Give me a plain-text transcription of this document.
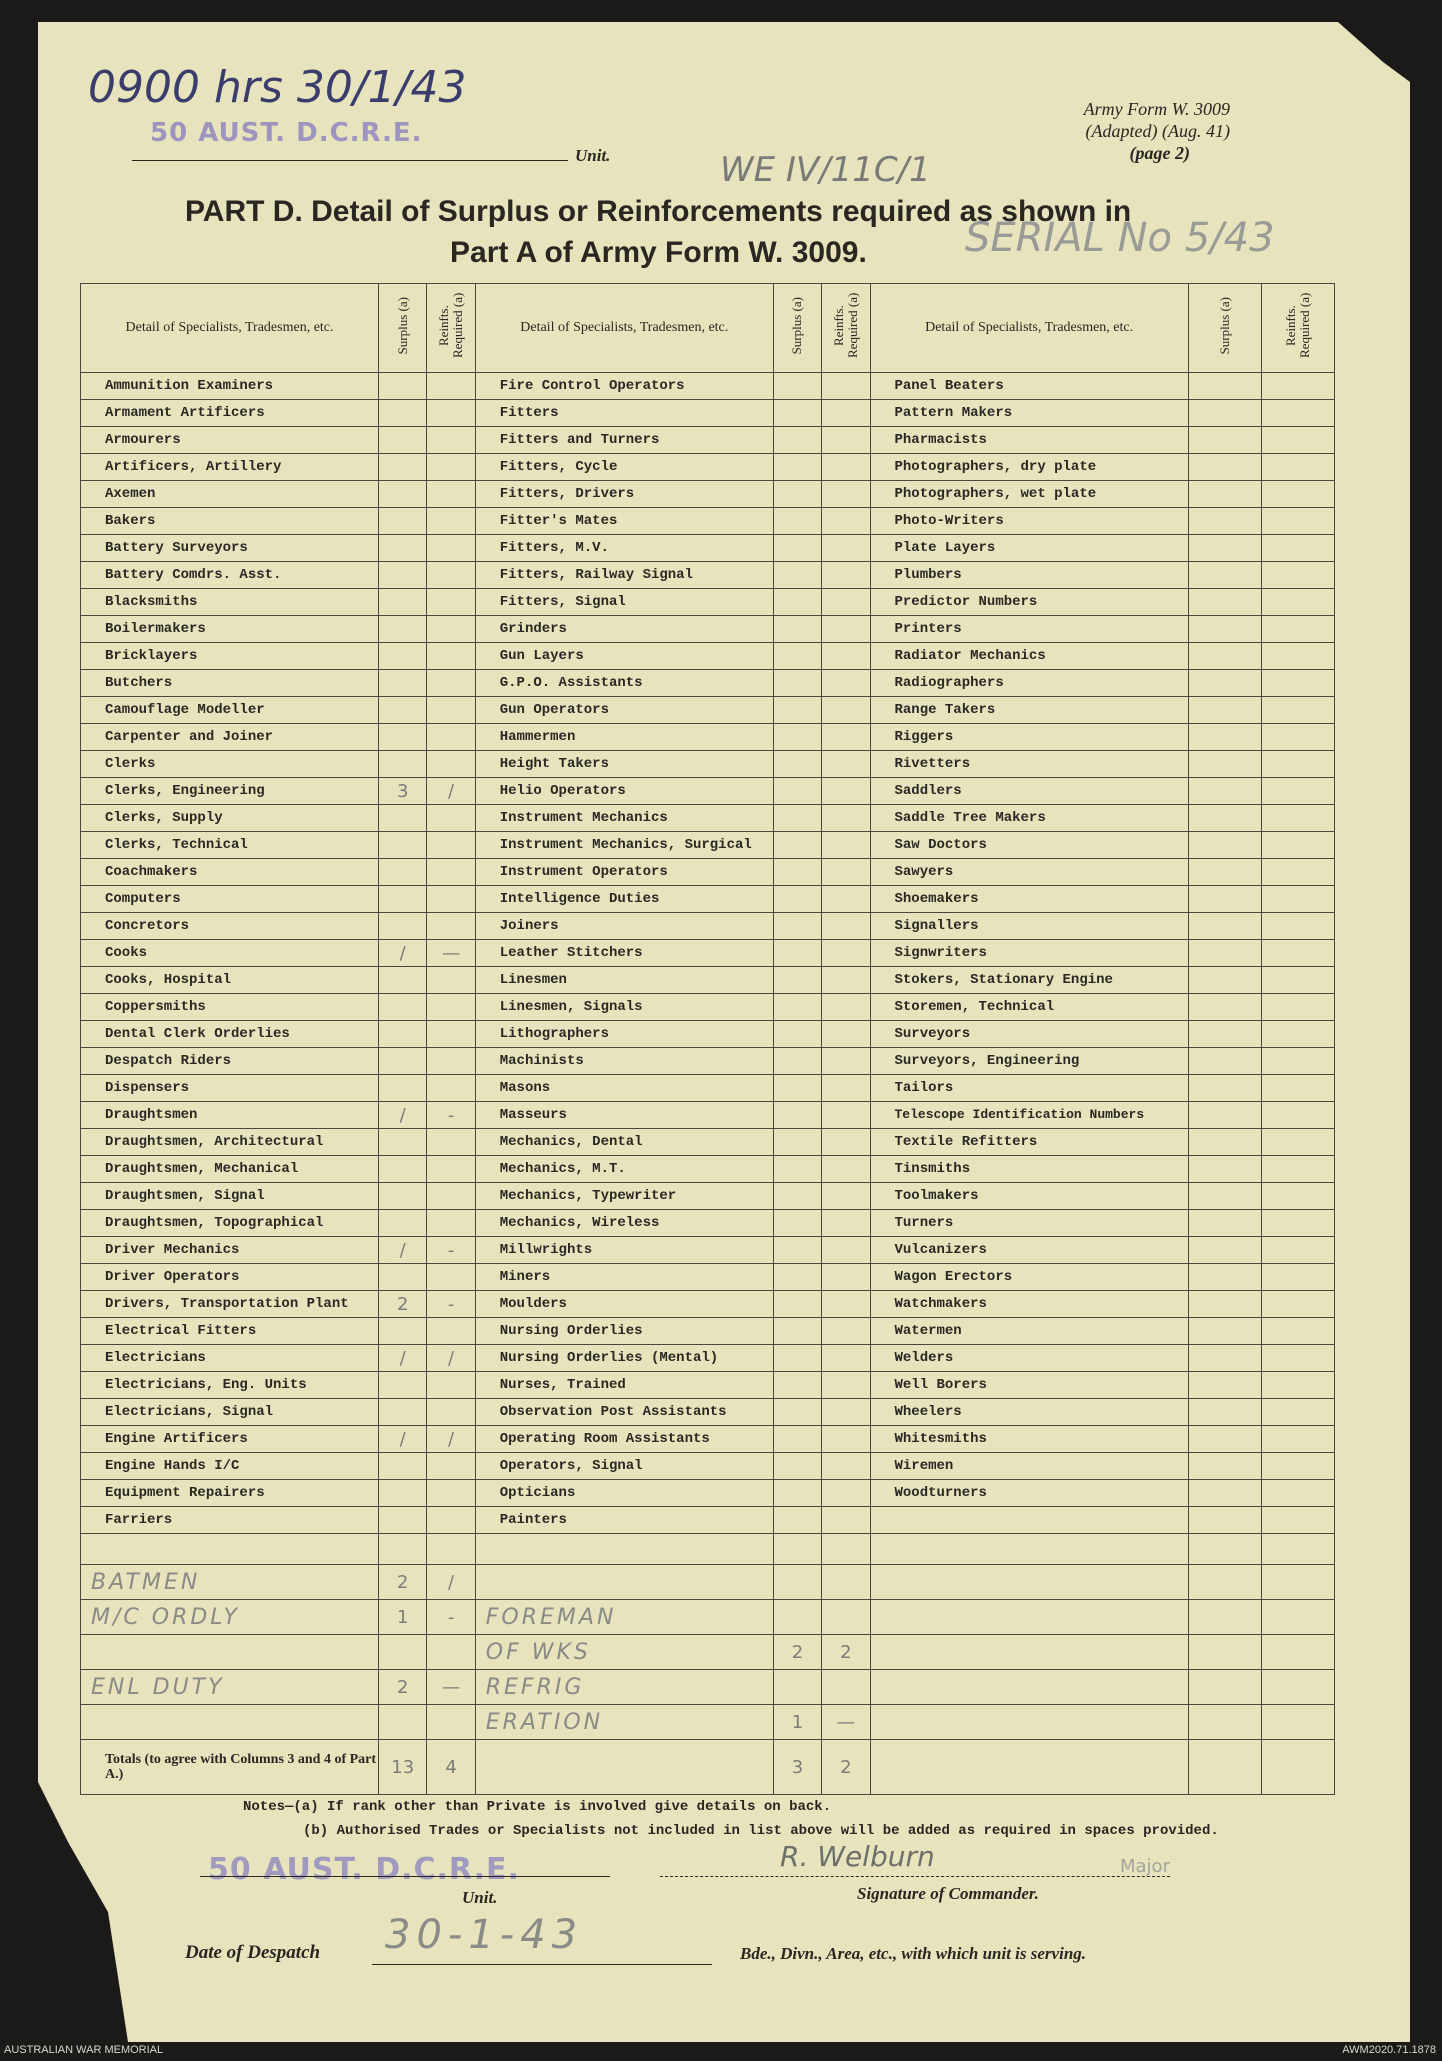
0900 hrs 30/1/43
50 AUST. D.C.R.E.
Unit.	WE IV/11C/1
SERIAL No 5/43
Army Form W. 3009
(Adapted) (Aug. 41)
(page 2)
PART D. Detail of Surplus or Reinforcements required as shown in
Part A of Army Form W. 3009.
Detail of Specialists, Tradesmen, etc.	Surplus (a)	Reinfts. Required (a)	Detail of Specialists, Tradesmen, etc.	Surplus (a)	Reinfts. Required (a)	Detail of Specialists, Tradesmen, etc.	Surplus (a)	Reinfts. Required (a)
Ammunition Examiners			Fire Control Operators			Panel Beaters		
Armament Artificers			Fitters			Pattern Makers		
Armourers			Fitters and Turners			Pharmacists		
Artificers, Artillery			Fitters, Cycle			Photographers, dry plate		
Axemen			Fitters, Drivers			Photographers, wet plate		
Bakers			Fitter's Mates			Photo-Writers		
Battery Surveyors			Fitters, M.V.			Plate Layers		
Battery Comdrs. Asst.			Fitters, Railway Signal			Plumbers		
Blacksmiths			Fitters, Signal			Predictor Numbers		
Boilermakers			Grinders			Printers		
Bricklayers			Gun Layers			Radiator Mechanics		
Butchers			G.P.O. Assistants			Radiographers		
Camouflage Modeller			Gun Operators			Range Takers		
Carpenter and Joiner			Hammermen			Riggers		
Clerks			Height Takers			Rivetters		
Clerks, Engineering	3	/	Helio Operators			Saddlers		
Clerks, Supply			Instrument Mechanics			Saddle Tree Makers		
Clerks, Technical			Instrument Mechanics, Surgical			Saw Doctors		
Coachmakers			Instrument Operators			Sawyers		
Computers			Intelligence Duties			Shoemakers		
Concretors			Joiners			Signallers		
Cooks	/	—	Leather Stitchers			Signwriters		
Cooks, Hospital			Linesmen			Stokers, Stationary Engine		
Coppersmiths			Linesmen, Signals			Storemen, Technical		
Dental Clerk Orderlies			Lithographers			Surveyors		
Despatch Riders			Machinists			Surveyors, Engineering		
Dispensers			Masons			Tailors		
Draughtsmen	/	-	Masseurs			Telescope Identification Numbers		
Draughtsmen, Architectural			Mechanics, Dental			Textile Refitters		
Draughtsmen, Mechanical			Mechanics, M.T.			Tinsmiths		
Draughtsmen, Signal			Mechanics, Typewriter			Toolmakers		
Draughtsmen, Topographical			Mechanics, Wireless			Turners		
Driver Mechanics	/	-	Millwrights			Vulcanizers		
Driver Operators			Miners			Wagon Erectors		
Drivers, Transportation Plant	2	-	Moulders			Watchmakers		
Electrical Fitters			Nursing Orderlies			Watermen		
Electricians	/	/	Nursing Orderlies (Mental)			Welders		
Electricians, Eng. Units			Nurses, Trained			Well Borers		
Electricians, Signal			Observation Post Assistants			Wheelers		
Engine Artificers	/	/	Operating Room Assistants			Whitesmiths		
Engine Hands I/C			Operators, Signal			Wiremen		
Equipment Repairers			Opticians			Woodturners		
Farriers			Painters					

BATMEN	2	/						
M/C ORDLY	1	-	FOREMAN					
			OF WKS	2	2			
ENL DUTY	2	—	REFRIG					
			ERATION	1	—			
Totals (to agree with Columns 3 and 4 of Part A.)	13	4		3	2			
Notes—(a) If rank other than Private is involved give details on back.
(b) Authorised Trades or Specialists not included in list above will be added as required in spaces provided.
50 AUST. D.C.R.E.
Unit.
R. Welburn	Major
Signature of Commander.
Date of Despatch 30-1-43	Bde., Divn., Area, etc., with which unit is serving.
AUSTRALIAN WAR MEMORIAL	AWM2020.71.1878
